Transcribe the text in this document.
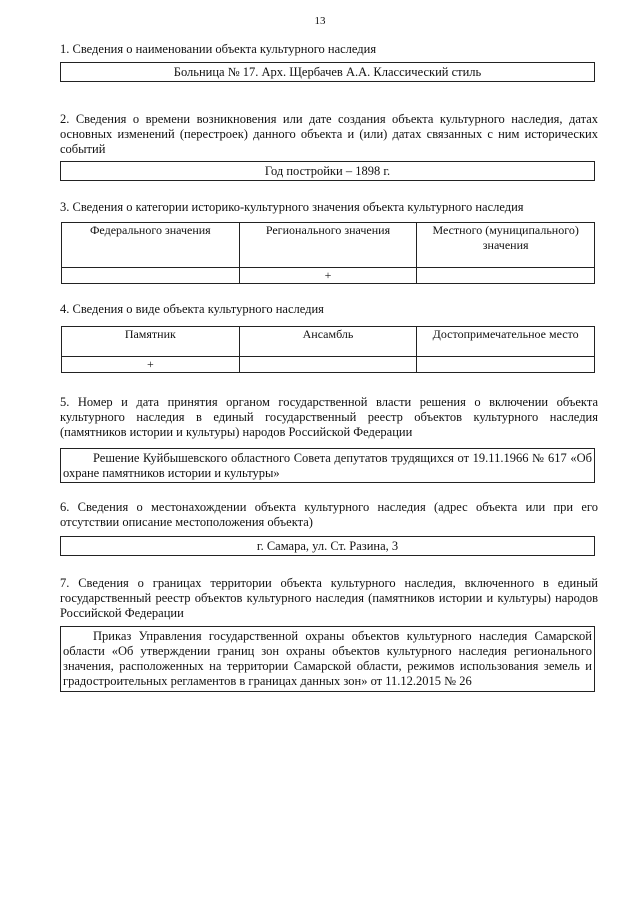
13
1. Сведения о наименовании объекта культурного наследия
Больница № 17. Арх. Щербачев А.А. Классический стиль
2. Сведения о времени возникновения или дате создания объекта культурного наследия, датах основных изменений (перестроек) данного объекта и (или) датах связанных с ним исторических событий
Год постройки – 1898 г.
3. Сведения о категории историко-культурного значения объекта культурного наследия
Федерального значения	Регионального значения	Местного (муниципального) значения
	+	
4. Сведения о виде объекта культурного наследия
Памятник	Ансамбль	Достопримечательное место
+		
5. Номер и дата принятия органом государственной власти решения о включении объекта культурного наследия в единый государственный реестр объектов культурного наследия (памятников истории и культуры) народов Российской Федерации
Решение Куйбышевского областного Совета депутатов трудящихся от 19.11.1966 № 617 «Об охране памятников истории и культуры»
6. Сведения о местонахождении объекта культурного наследия (адрес объекта или при его отсутствии описание местоположения объекта)
г. Самара, ул. Ст. Разина, 3
7. Сведения о границах территории объекта культурного наследия, включенного в единый государственный реестр объектов культурного наследия (памятников истории и культуры) народов Российской Федерации
Приказ Управления государственной охраны объектов культурного наследия Самарской области «Об утверждении границ зон охраны объектов культурного наследия регионального значения, расположенных на территории Самарской области, режимов использования земель и градостроительных регламентов в границах данных зон» от 11.12.2015 № 26
